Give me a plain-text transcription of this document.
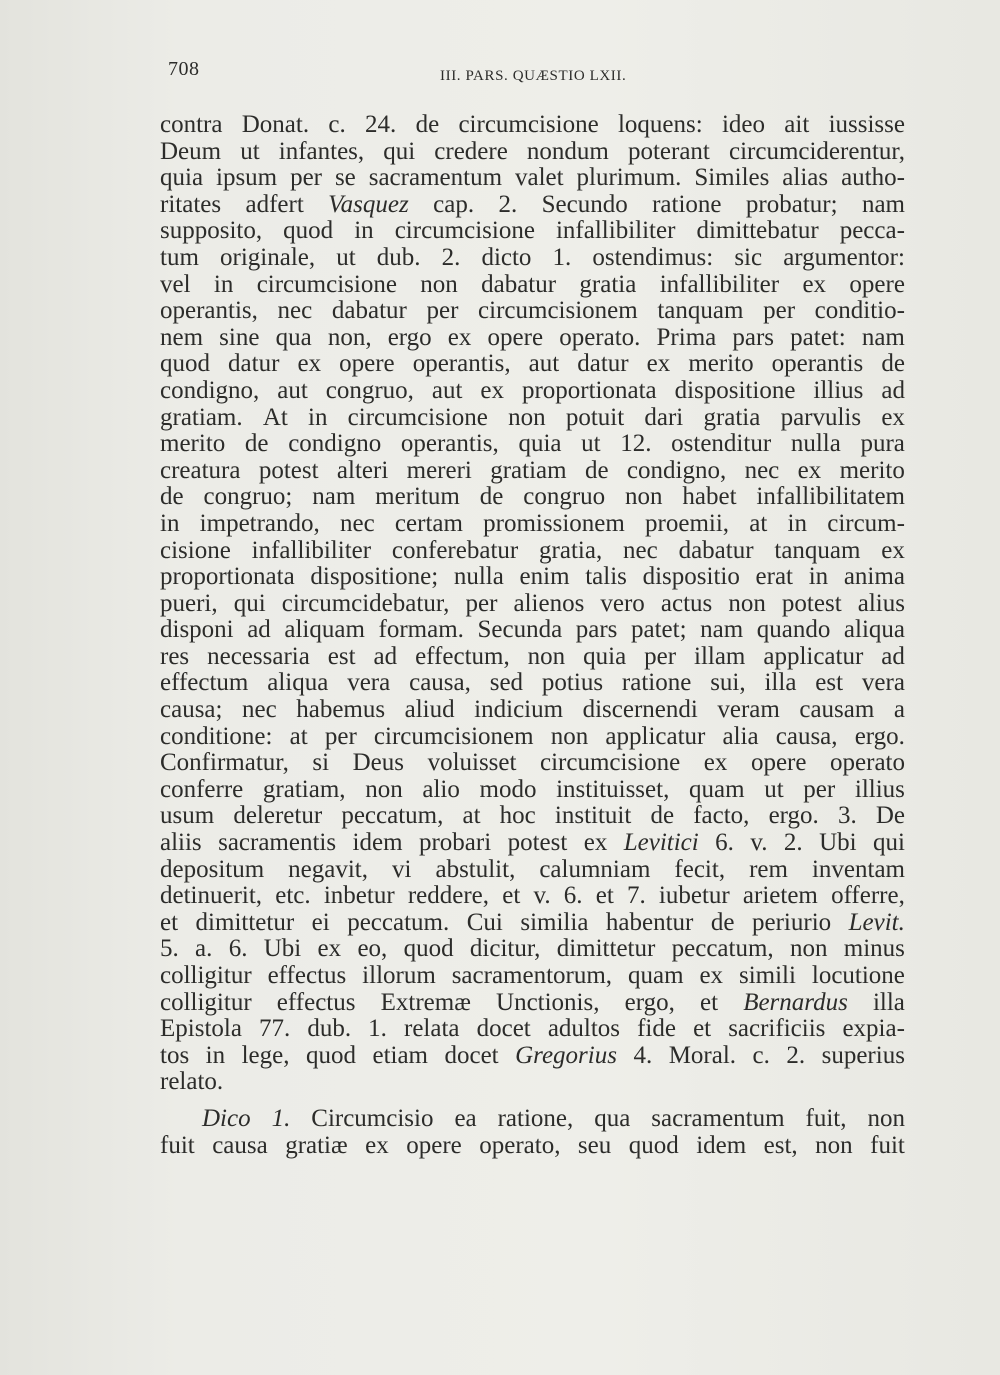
708	III. PARS. QUÆSTIO LXII.
contra Donat. c. 24. de circumcisione loquens: ideo ait iussisse
Deum ut infantes, qui credere nondum poterant circumciderentur,
quia ipsum per se sacramentum valet plurimum. Similes alias autho-
ritates adfert Vasquez cap. 2. Secundo ratione probatur; nam
supposito, quod in circumcisione infallibiliter dimittebatur pecca-
tum originale, ut dub. 2. dicto 1. ostendimus: sic argumentor:
vel in circumcisione non dabatur gratia infallibiliter ex opere
operantis, nec dabatur per circumcisionem tanquam per conditio-
nem sine qua non, ergo ex opere operato. Prima pars patet: nam
quod datur ex opere operantis, aut datur ex merito operantis de
condigno, aut congruo, aut ex proportionata dispositione illius ad
gratiam. At in circumcisione non potuit dari gratia parvulis ex
merito de condigno operantis, quia ut 12. ostenditur nulla pura
creatura potest alteri mereri gratiam de condigno, nec ex merito
de congruo; nam meritum de congruo non habet infallibilitatem
in impetrando, nec certam promissionem proemii, at in circum-
cisione infallibiliter conferebatur gratia, nec dabatur tanquam ex
proportionata dispositione; nulla enim talis dispositio erat in anima
pueri, qui circumcidebatur, per alienos vero actus non potest alius
disponi ad aliquam formam. Secunda pars patet; nam quando aliqua
res necessaria est ad effectum, non quia per illam applicatur ad
effectum aliqua vera causa, sed potius ratione sui, illa est vera
causa; nec habemus aliud indicium discernendi veram causam a
conditione: at per circumcisionem non applicatur alia causa, ergo.
Confirmatur, si Deus voluisset circumcisione ex opere operato
conferre gratiam, non alio modo instituisset, quam ut per illius
usum deleretur peccatum, at hoc instituit de facto, ergo. 3. De
aliis sacramentis idem probari potest ex Levitici 6. v. 2. Ubi qui
depositum negavit, vi abstulit, calumniam fecit, rem inventam
detinuerit, etc. inbetur reddere, et v. 6. et 7. iubetur arietem offerre,
et dimittetur ei peccatum. Cui similia habentur de periurio Levit.
5. a. 6. Ubi ex eo, quod dicitur, dimittetur peccatum, non minus
colligitur effectus illorum sacramentorum, quam ex simili locutione
colligitur effectus Extremæ Unctionis, ergo, et Bernardus illa
Epistola 77. dub. 1. relata docet adultos fide et sacrificiis expia-
tos in lege, quod etiam docet Gregorius 4. Moral. c. 2. superius
relato.
Dico 1. Circumcisio ea ratione, qua sacramentum fuit, non
fuit causa gratiæ ex opere operato, seu quod idem est, non fuit
